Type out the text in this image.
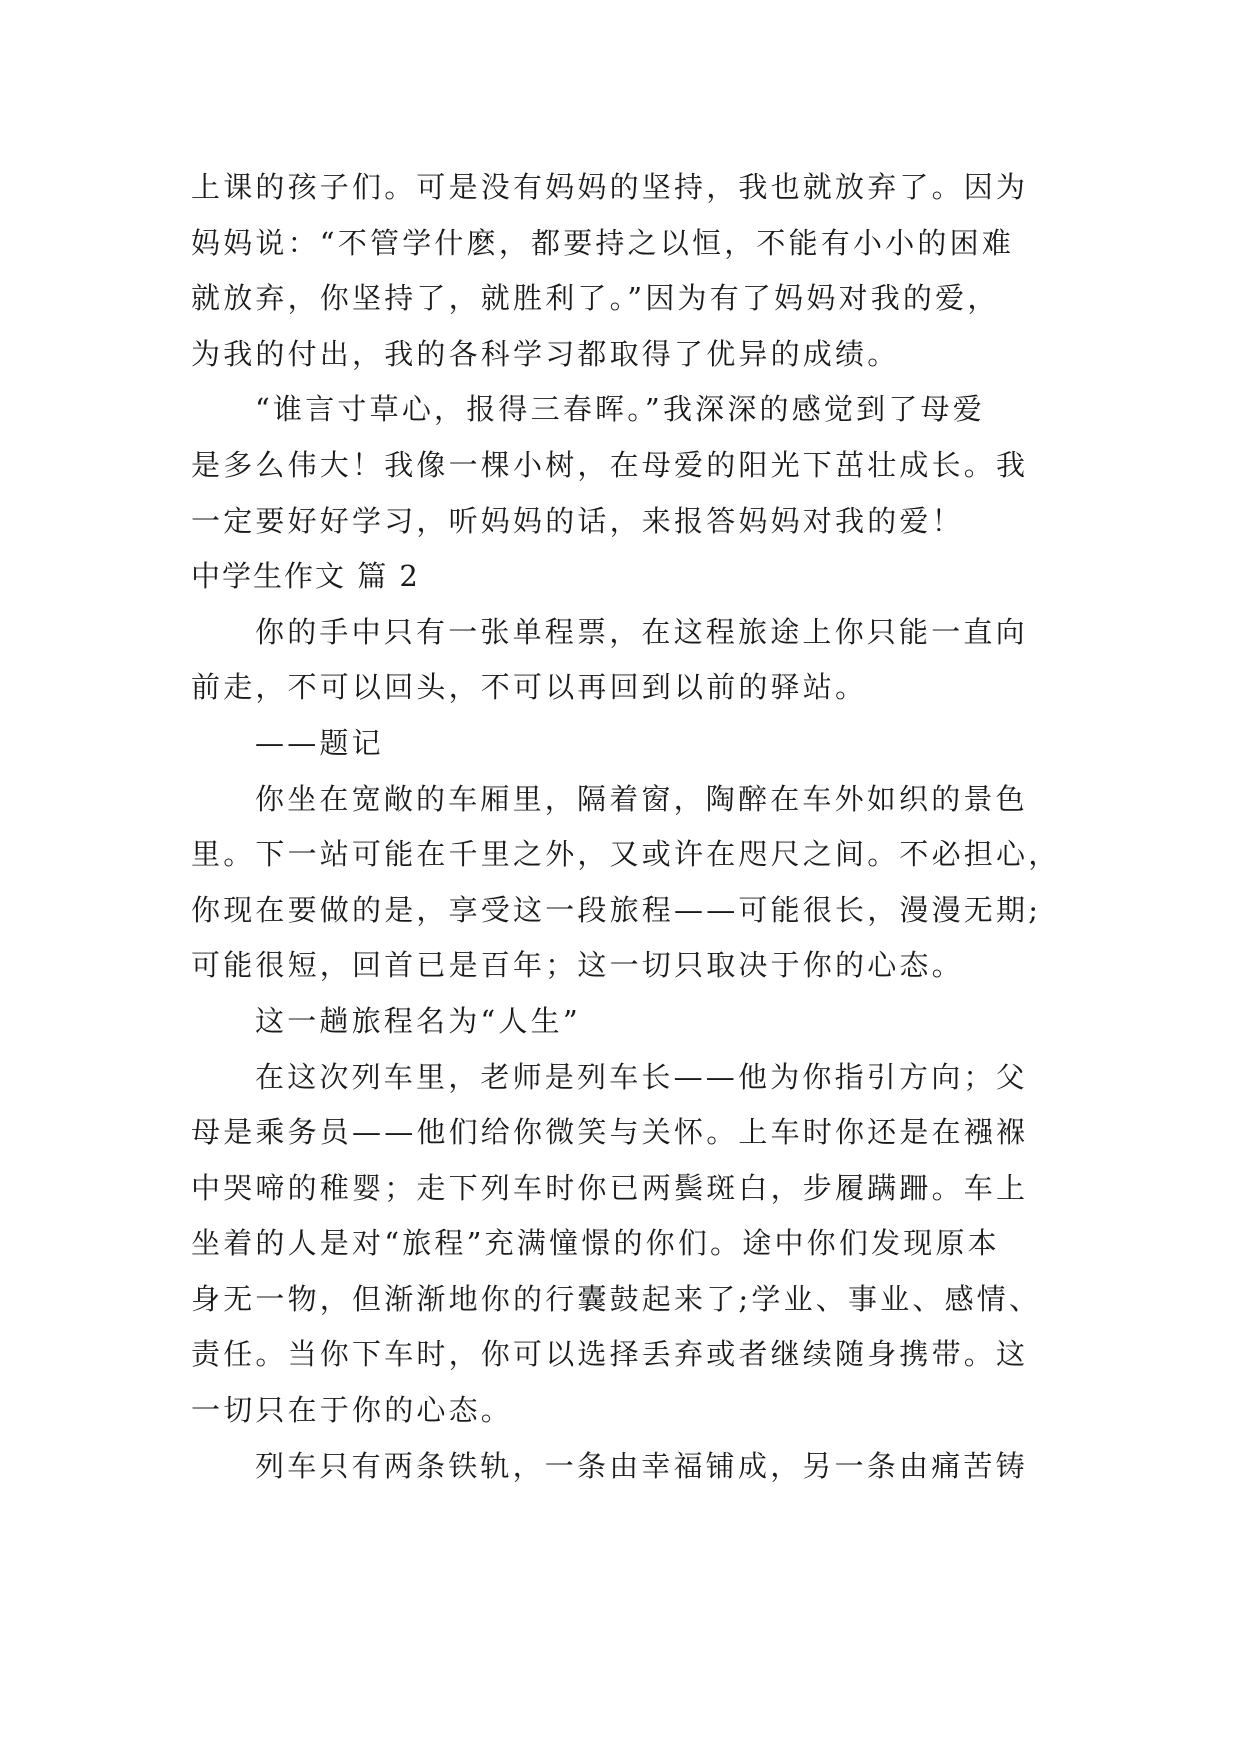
上课的孩子们。可是没有妈妈的坚持，我也就放弃了。因为
妈妈说：“不管学什麽，都要持之以恒，不能有小小的困难
就放弃，你坚持了，就胜利了。”因为有了妈妈对我的爱，
为我的付出，我的各科学习都取得了优异的成绩。
“谁言寸草心，报得三春晖。”我深深的感觉到了母爱
是多么伟大！我像一棵小树，在母爱的阳光下茁壮成长。我
一定要好好学习，听妈妈的话，来报答妈妈对我的爱！
中学生作文 篇 2
你的手中只有一张单程票，在这程旅途上你只能一直向
前走，不可以回头，不可以再回到以前的驿站。
——题记
你坐在宽敞的车厢里，隔着窗，陶醉在车外如织的景色
里。下一站可能在千里之外，又或许在咫尺之间。不必担心，
你现在要做的是，享受这一段旅程——可能很长，漫漫无期;
可能很短，回首已是百年；这一切只取决于你的心态。
这一趟旅程名为“人生”
在这次列车里，老师是列车长——他为你指引方向；父
母是乘务员——他们给你微笑与关怀。上车时你还是在襁褓
中哭啼的稚婴；走下列车时你已两鬓斑白，步履蹒跚。车上
坐着的人是对“旅程”充满憧憬的你们。途中你们发现原本
身无一物，但渐渐地你的行囊鼓起来了;学业、事业、感情、
责任。当你下车时，你可以选择丢弃或者继续随身携带。这
一切只在于你的心态。
列车只有两条铁轨，一条由幸福铺成，另一条由痛苦铸
